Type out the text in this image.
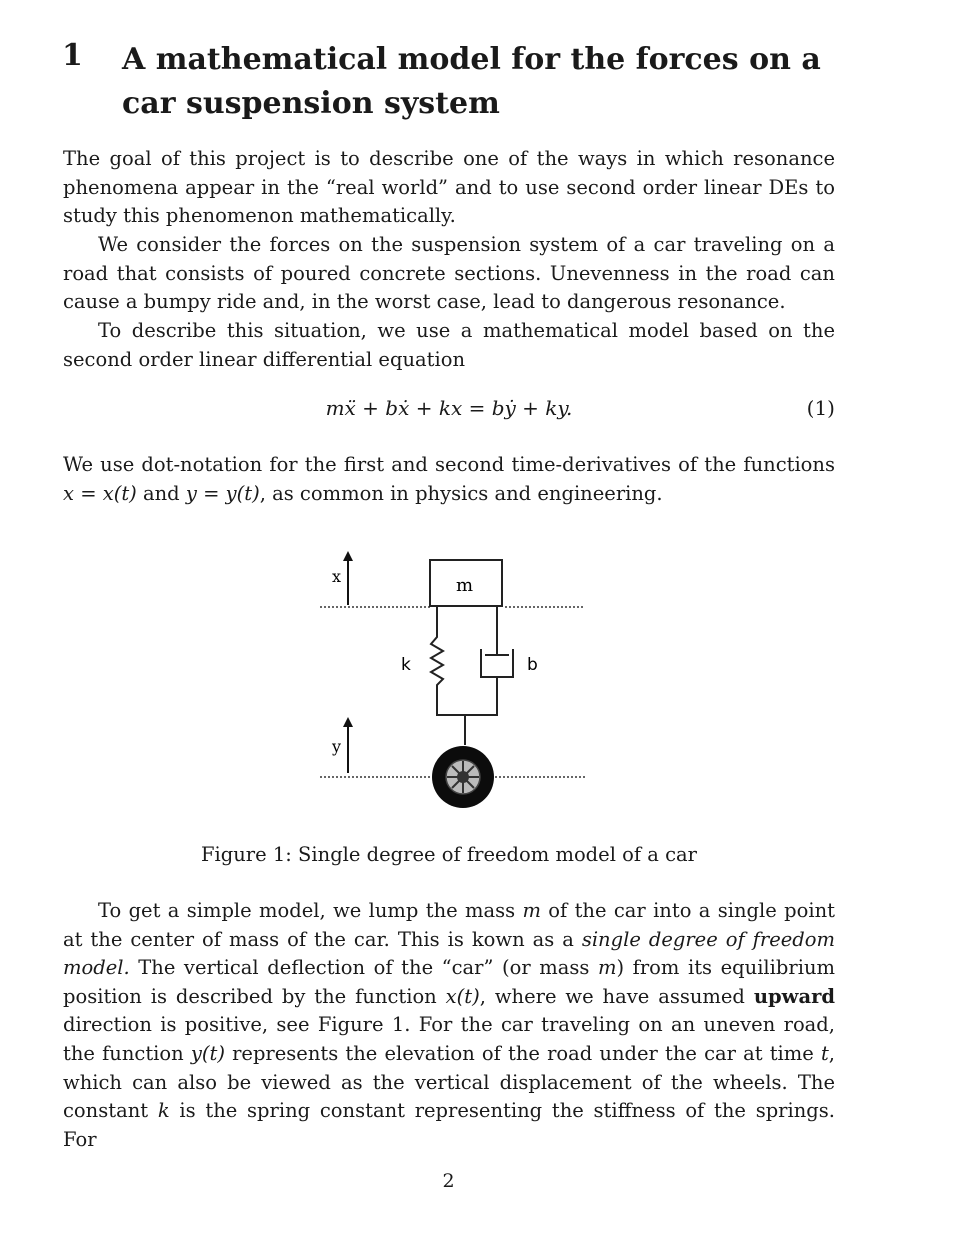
1 A mathematical model for the forces on a car suspension system

The goal of this project is to describe one of the ways in which resonance phenomena appear in the “real world” and to use second order linear DEs to study this phenomenon mathematically.

We consider the forces on the suspension system of a car traveling on a road that consists of poured concrete sections. Unevenness in the road can cause a bumpy ride and, in the worst case, lead to dangerous resonance.

To describe this situation, we use a mathematical model based on the second order linear differential equation

mẍ + bẋ + kx = bẏ + ky.	(1)

We use dot-notation for the first and second time-derivatives of the functions x = x(t) and y = y(t), as common in physics and engineering.

x
y
m
k	b
Figure 1: Single degree of freedom model of a car

To get a simple model, we lump the mass m of the car into a single point at the center of mass of the car. This is kown as a single degree of freedom model. The vertical deflection of the “car” (or mass m) from its equilibrium position is described by the function x(t), where we have assumed upward direction is positive, see Figure 1. For the car traveling on an uneven road, the function y(t) represents the elevation of the road under the car at time t, which can also be viewed as the vertical displacement of the wheels. The constant k is the spring constant representing the stiffness of the springs. For

2
